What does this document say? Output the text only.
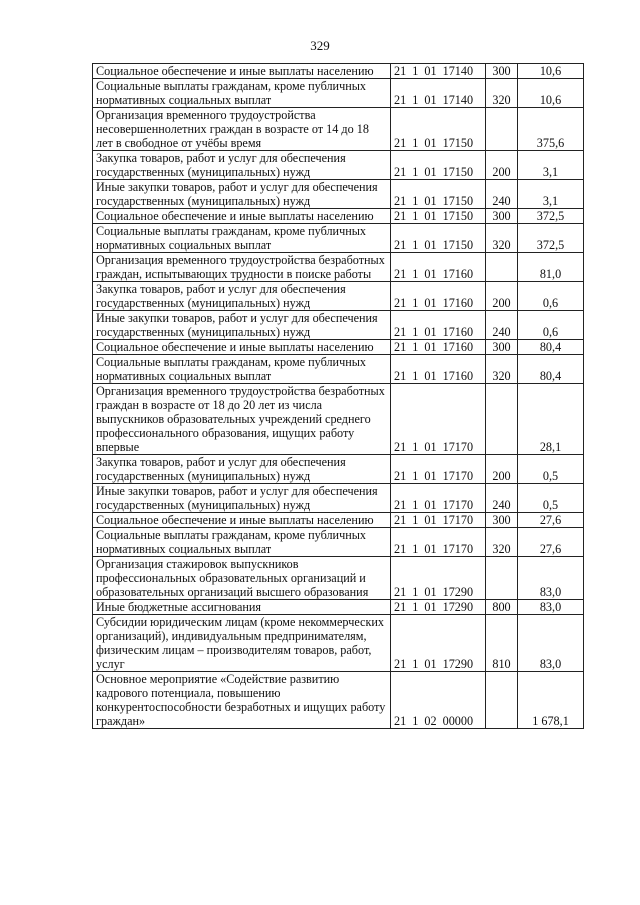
329
Социальное обеспечение и иные выплаты населению	21 1 01 17140	300	10,6
Социальные выплаты гражданам, кроме публичных нормативных социальных выплат	21 1 01 17140	320	10,6
Организация временного трудоустройства несовершеннолетних граждан в возрасте от 14 до 18 лет в свободное от учёбы время	21 1 01 17150		375,6
Закупка товаров, работ и услуг для обеспечения государственных (муниципальных) нужд	21 1 01 17150	200	3,1
Иные закупки товаров, работ и услуг для обеспечения государственных (муниципальных) нужд	21 1 01 17150	240	3,1
Социальное обеспечение и иные выплаты населению	21 1 01 17150	300	372,5
Социальные выплаты гражданам, кроме публичных нормативных социальных выплат	21 1 01 17150	320	372,5
Организация временного трудоустройства безработных граждан, испытывающих трудности в поиске работы	21 1 01 17160		81,0
Закупка товаров, работ и услуг для обеспечения государственных (муниципальных) нужд	21 1 01 17160	200	0,6
Иные закупки товаров, работ и услуг для обеспечения государственных (муниципальных) нужд	21 1 01 17160	240	0,6
Социальное обеспечение и иные выплаты населению	21 1 01 17160	300	80,4
Социальные выплаты гражданам, кроме публичных нормативных социальных выплат	21 1 01 17160	320	80,4
Организация временного трудоустройства безработных граждан в возрасте от 18 до 20 лет из числа выпускников образовательных учреждений среднего профессионального образования, ищущих работу впервые	21 1 01 17170		28,1
Закупка товаров, работ и услуг для обеспечения государственных (муниципальных) нужд	21 1 01 17170	200	0,5
Иные закупки товаров, работ и услуг для обеспечения государственных (муниципальных) нужд	21 1 01 17170	240	0,5
Социальное обеспечение и иные выплаты населению	21 1 01 17170	300	27,6
Социальные выплаты гражданам, кроме публичных нормативных социальных выплат	21 1 01 17170	320	27,6
Организация стажировок выпускников профессиональных образовательных организаций и образовательных организаций высшего образования	21 1 01 17290		83,0
Иные бюджетные ассигнования	21 1 01 17290	800	83,0
Субсидии юридическим лицам (кроме некоммерческих организаций), индивидуальным предпринимателям, физическим лицам – производителям товаров, работ, услуг	21 1 01 17290	810	83,0
Основное мероприятие «Содействие развитию кадрового потенциала, повышению конкурентоспособности безработных и ищущих работу граждан»	21 1 02 00000		1 678,1
